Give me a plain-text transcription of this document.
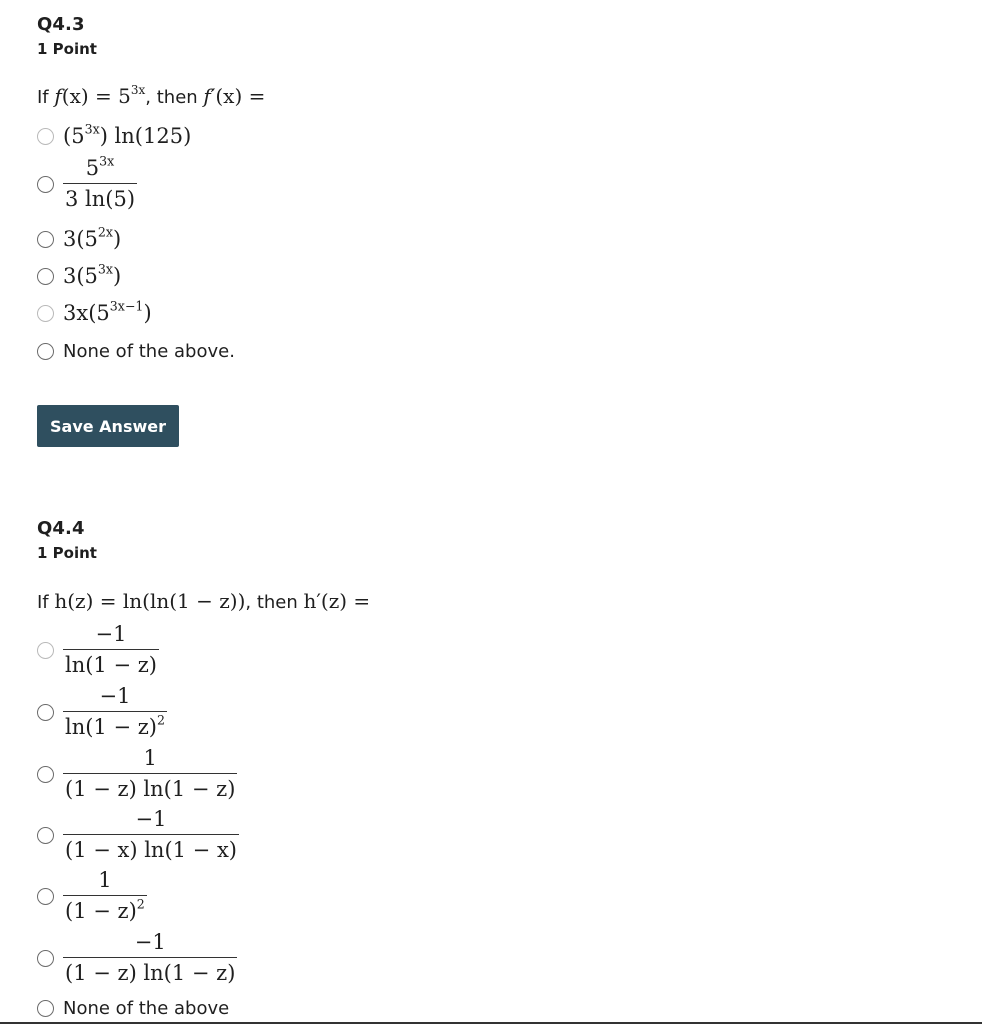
Q4.3
1 Point
If $f(x) = 5^{3x}$, then f′(x) =
$(5^{3x})$ ln(125)
$\frac{5^{3x}}{3 \ln(5)}$
$3(5^{2x})$
$3(5^{3x})$
$3x(5^{3x-1})$
None of the above.
Save Answer
Q4.4
1 Point
If h(z) = ln(ln(1 − z)), then h′(z) =
$\frac{-1}{\ln(1 - z)}$
$\frac{-1}{\ln(1 - z)^2}$
$\frac{1}{(1 - z) \ln(1 - z)}$
$\frac{-1}{(1 - x) \ln(1 - x)}$
$\frac{1}{(1 - z)^2}$
$\frac{-1}{(1 - z) \ln(1 - z)}$
None of the above
